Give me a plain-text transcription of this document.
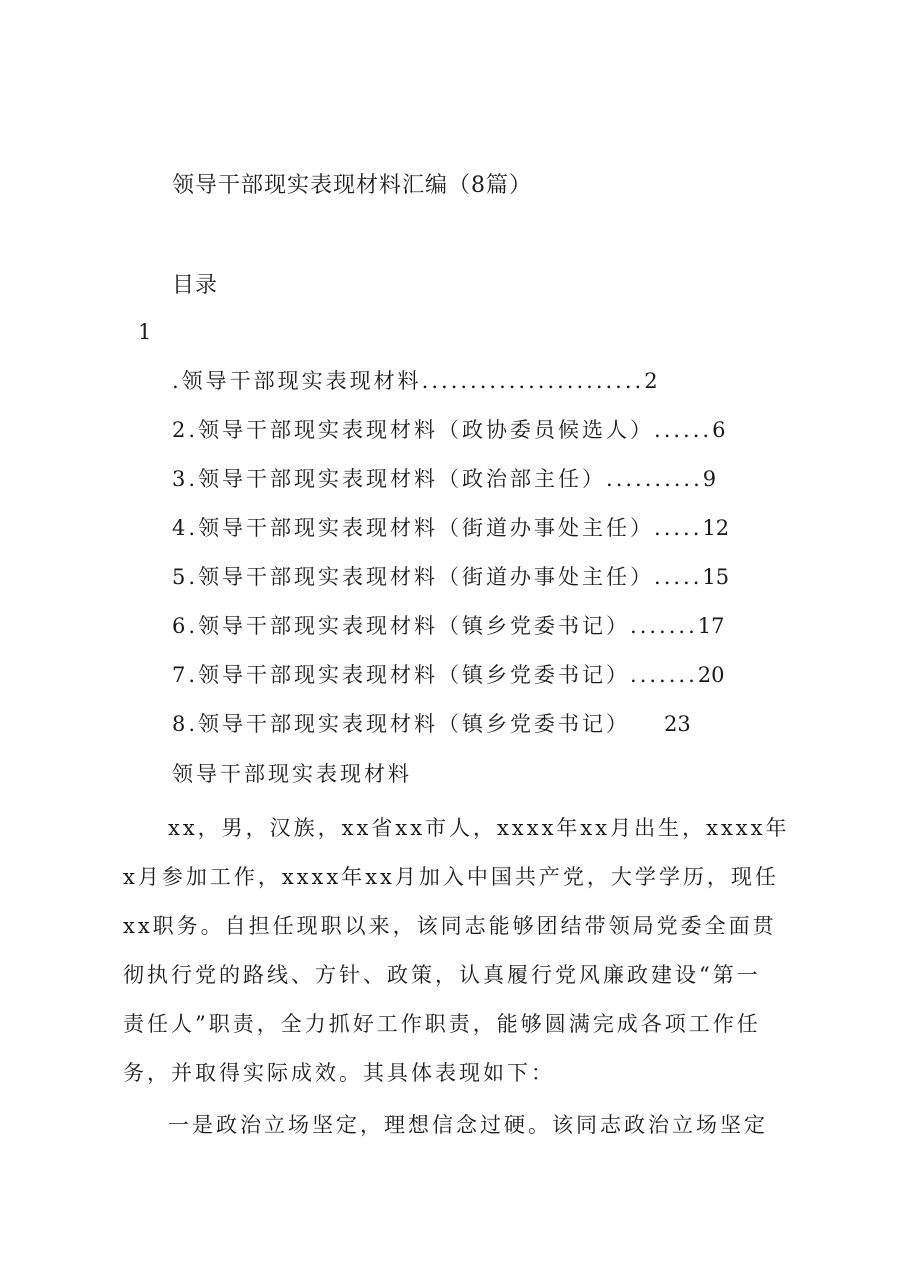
领导干部现实表现材料汇编（8篇）
目录
1
.领导干部现实表现材料.......................2
2.领导干部现实表现材料（政协委员候选人）......6
3.领导干部现实表现材料（政治部主任）..........9
4.领导干部现实表现材料（街道办事处主任）.....12
5.领导干部现实表现材料（街道办事处主任）.....15
6.领导干部现实表现材料（镇乡党委书记）.......17
7.领导干部现实表现材料（镇乡党委书记）.......20
8.领导干部现实表现材料（镇乡党委书记） 23
领导干部现实表现材料

xx，男，汉族，xx省xx市人，xxxx年xx月出生，xxxx年
x月参加工作，xxxx年xx月加入中国共产党，大学学历，现任
xx职务。自担任现职以来，该同志能够团结带领局党委全面贯
彻执行党的路线、方针、政策，认真履行党风廉政建设“第一
责任人”职责，全力抓好工作职责，能够圆满完成各项工作任
务，并取得实际成效。其具体表现如下：

一是政治立场坚定，理想信念过硬。该同志政治立场坚定
